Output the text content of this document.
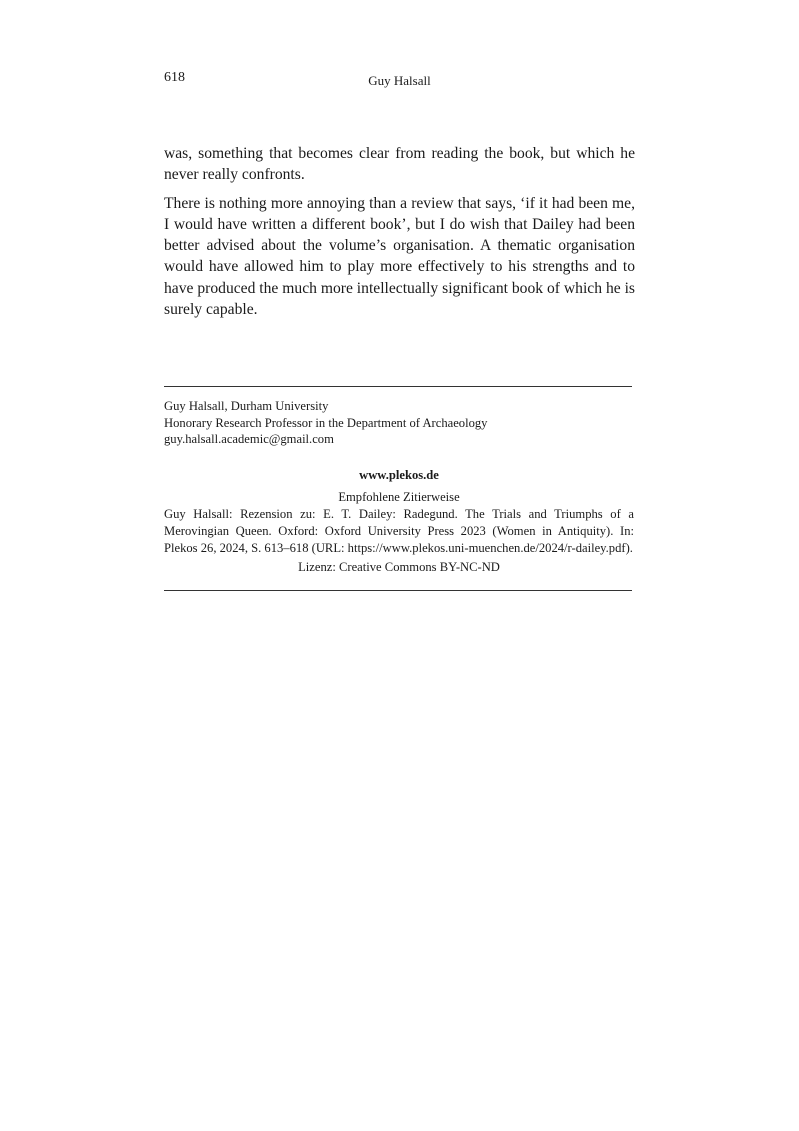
618	Guy Halsall

was, something that becomes clear from reading the book, but which he never really confronts.

There is nothing more annoying than a review that says, ‘if it had been me, I would have written a different book’, but I do wish that Dailey had been better advised about the volume’s organisation. A thematic organisation would have allowed him to play more effectively to his strengths and to have produced the much more intellectually significant book of which he is surely capable.

Guy Halsall, Durham University
Honorary Research Professor in the Department of Archaeology
guy.halsall.academic@gmail.com
www.plekos.de
Empfohlene Zitierweise
Guy Halsall: Rezension zu: E. T. Dailey: Radegund. The Trials and Triumphs of a Merovingian Queen. Oxford: Oxford University Press 2023 (Women in Antiquity). In: Plekos 26, 2024, S. 613–618 (URL: https://www.plekos.uni-muenchen.de/2024/r-dailey.pdf).
Lizenz: Creative Commons BY-NC-ND
